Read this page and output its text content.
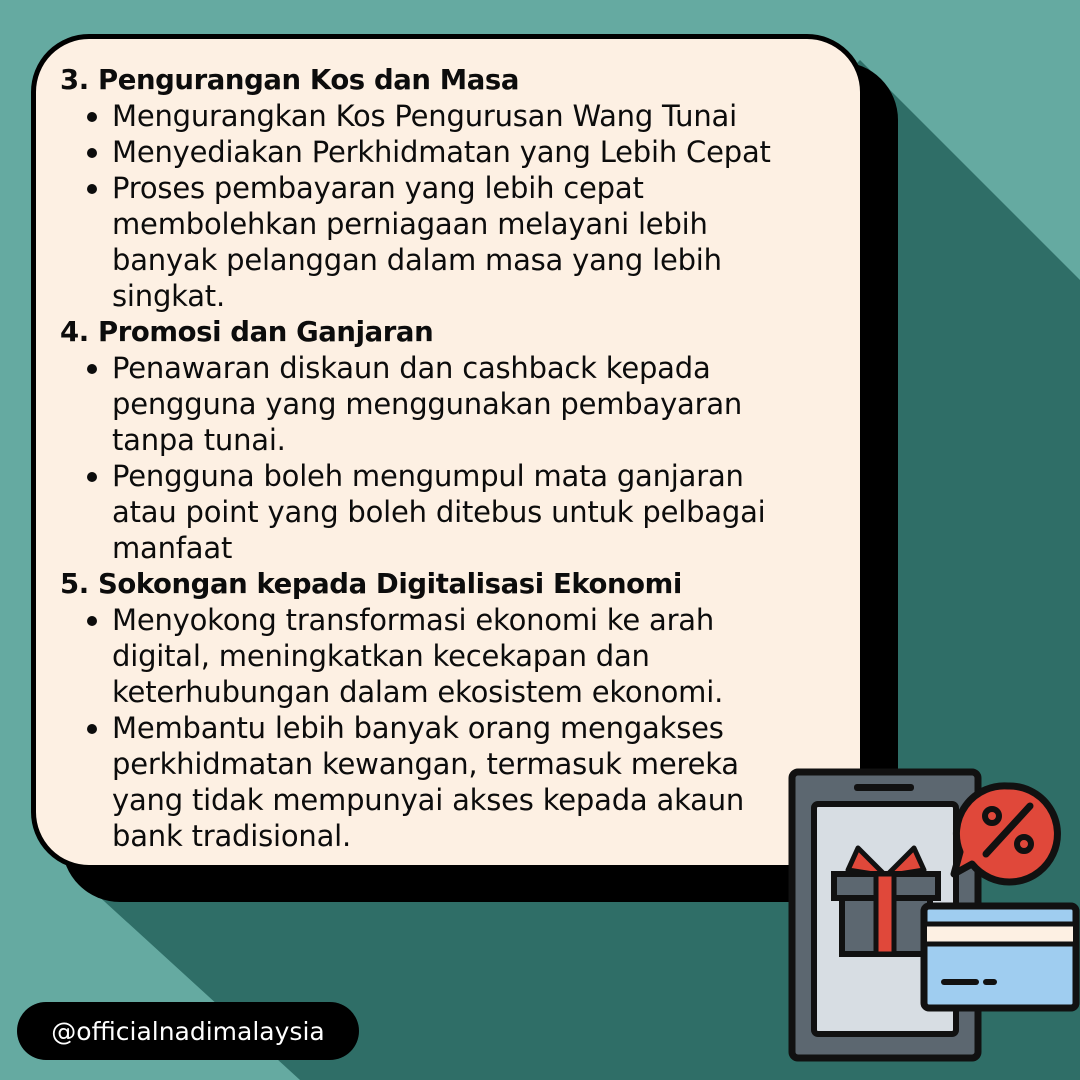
3. Pengurangan Kos dan Masa
Mengurangkan Kos Pengurusan Wang Tunai
Menyediakan Perkhidmatan yang Lebih Cepat
Proses pembayaran yang lebih cepat membolehkan perniagaan melayani lebih banyak pelanggan dalam masa yang lebih singkat.
4. Promosi dan Ganjaran
Penawaran diskaun dan cashback kepada pengguna yang menggunakan pembayaran tanpa tunai.
Pengguna boleh mengumpul mata ganjaran atau point yang boleh ditebus untuk pelbagai manfaat
5. Sokongan kepada Digitalisasi Ekonomi
Menyokong transformasi ekonomi ke arah digital, meningkatkan kecekapan dan keterhubungan dalam ekosistem ekonomi.
Membantu lebih banyak orang mengakses perkhidmatan kewangan, termasuk mereka yang tidak mempunyai akses kepada akaun bank tradisional.
@officialnadimalaysia
